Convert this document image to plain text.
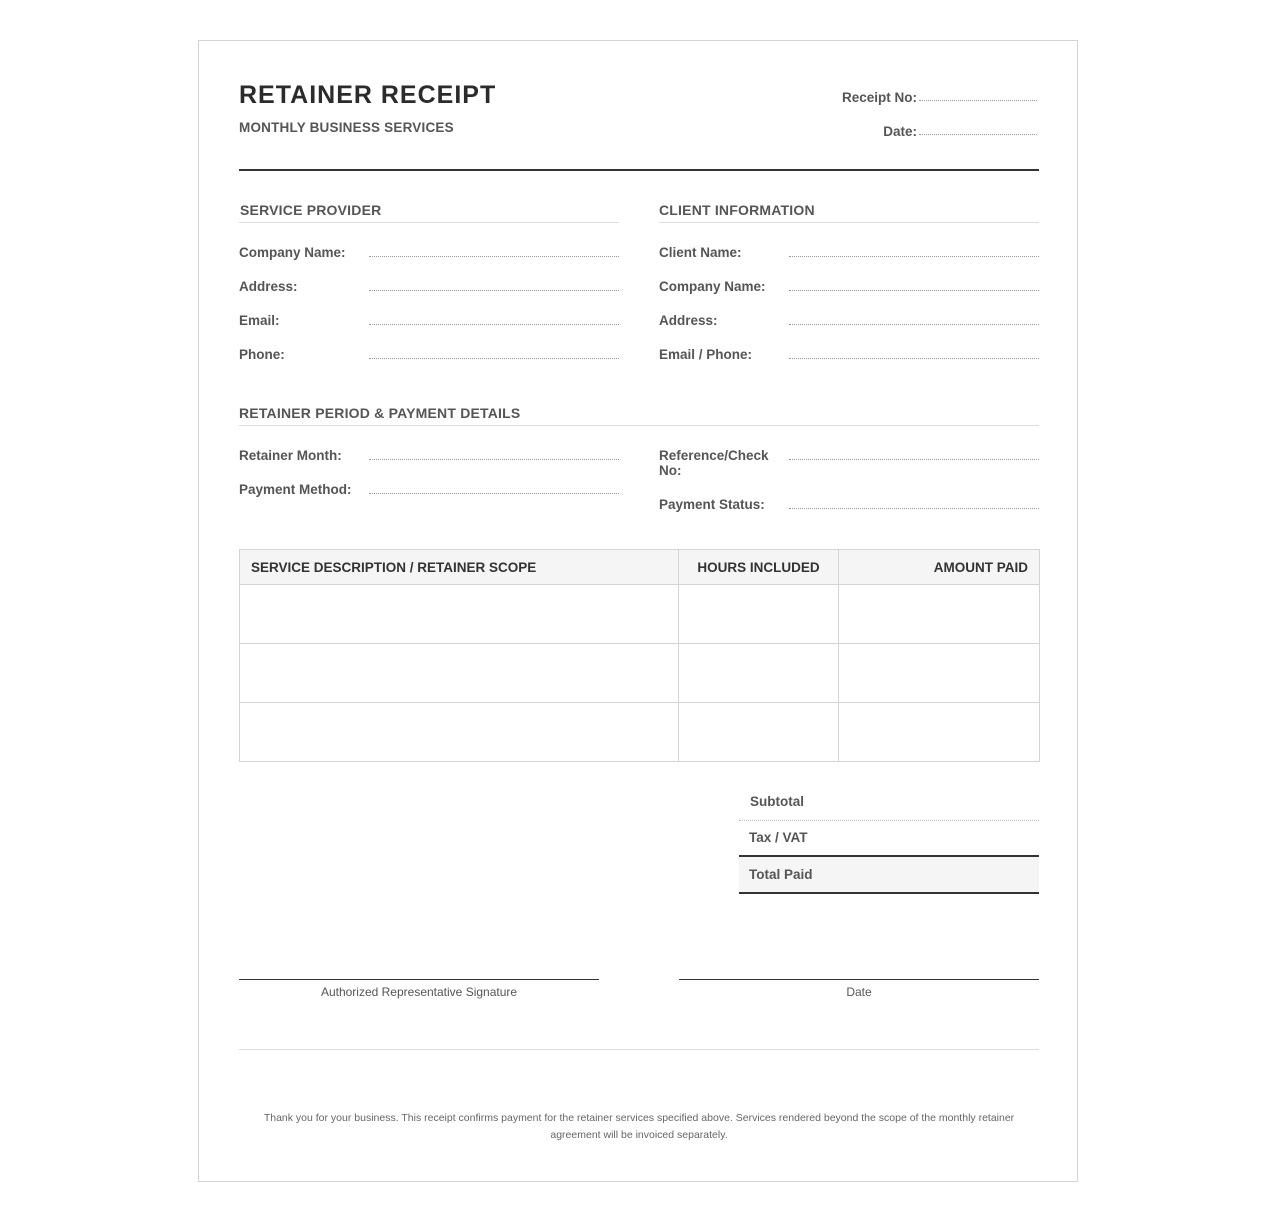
RETAINER RECEIPT
MONTHLY BUSINESS SERVICES
Receipt No:
Date:
SERVICE PROVIDER
Company Name:
Address:
Email:
Phone:
CLIENT INFORMATION
Client Name:
Company Name:
Address:
Email / Phone:
RETAINER PERIOD & PAYMENT DETAILS
Retainer Month:
Payment Method:
Reference/Check No:
Payment Status:
SERVICE DESCRIPTION / RETAINER SCOPE	HOURS INCLUDED	AMOUNT PAID

Subtotal
Tax / VAT
Total Paid
Authorized Representative Signature	Date
Thank you for your business. This receipt confirms payment for the retainer services specified above. Services rendered beyond the scope of the monthly retainer agreement will be invoiced separately.
